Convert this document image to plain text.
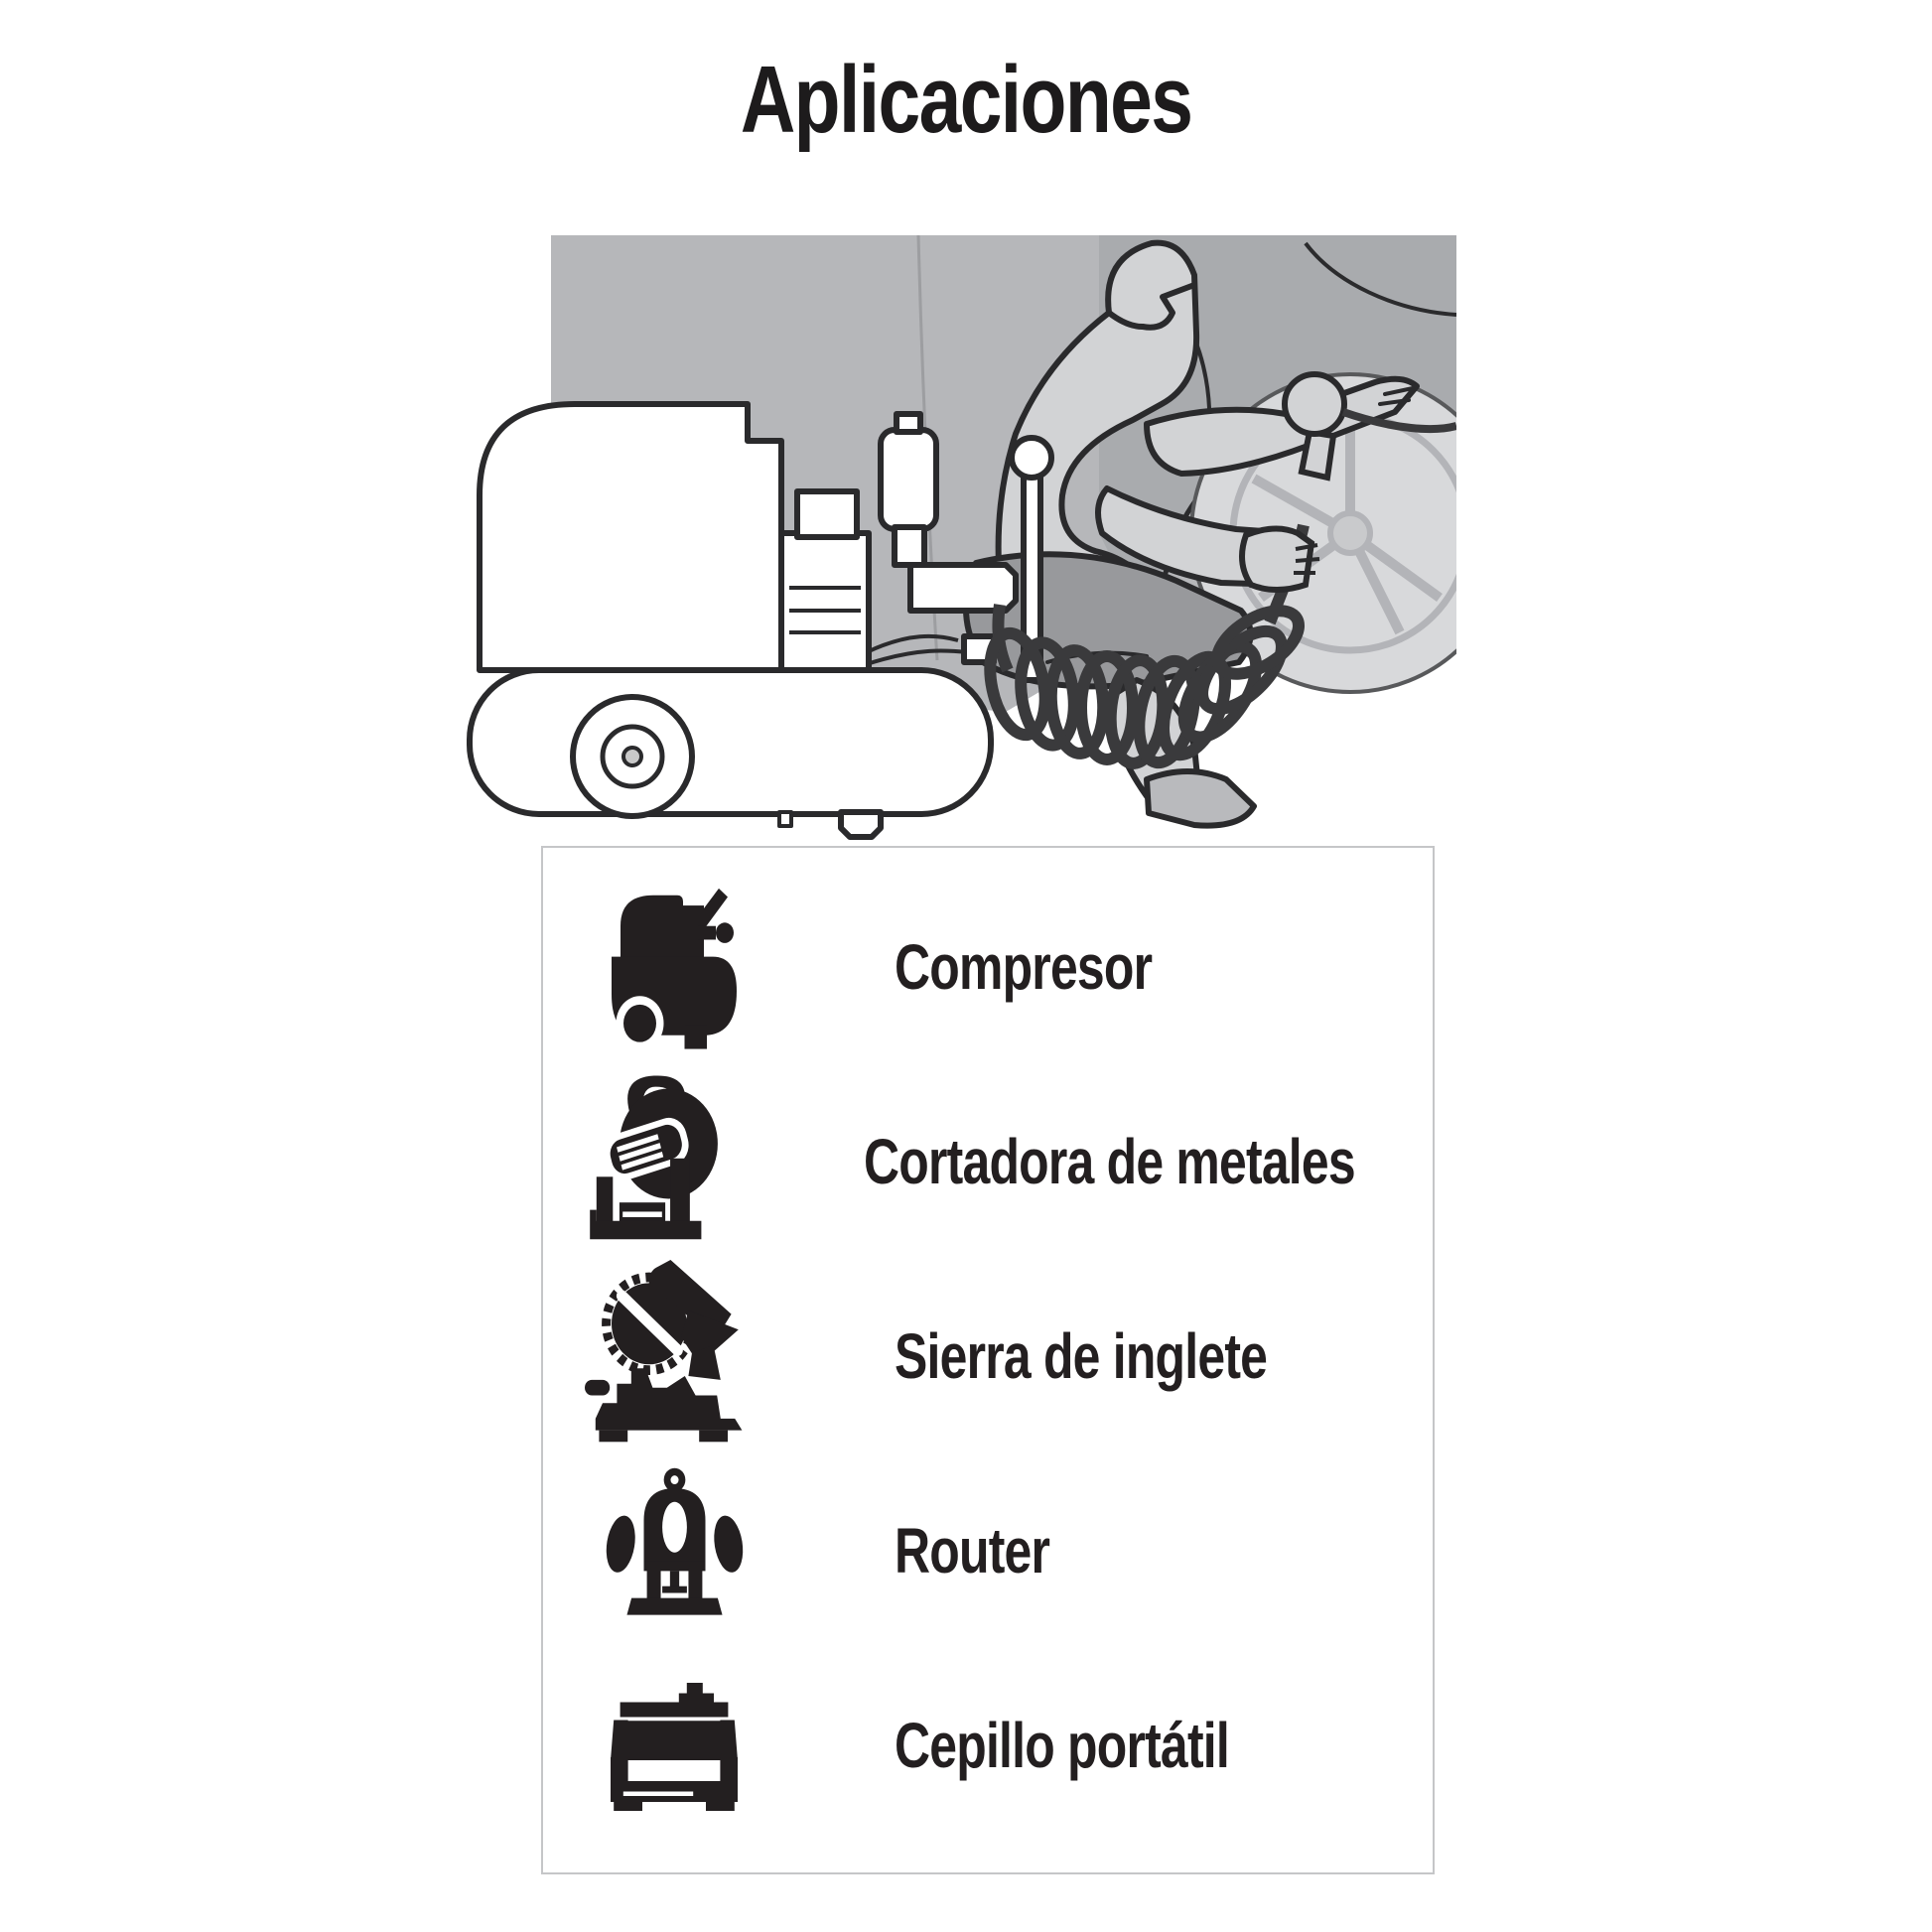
Aplicaciones
Compresor
Cortadora de metales
Sierra de inglete
Router
Cepillo portátil
